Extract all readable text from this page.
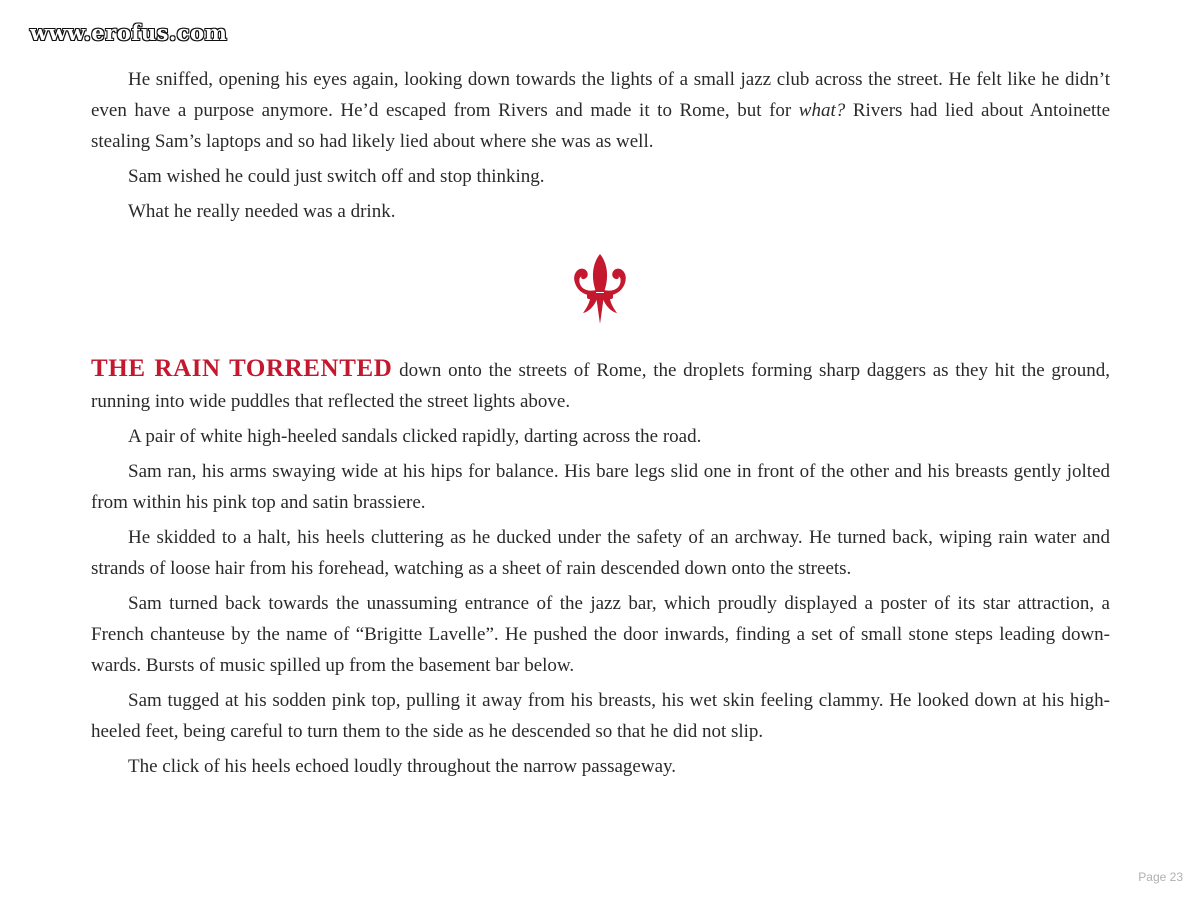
www.erofus.com

He sniffed, opening his eyes again, looking down towards the lights of a small jazz club across the street. He felt like he didn’t even have a purpose anymore. He’d escaped from Rivers and made it to Rome, but for what? Rivers had lied about Antoinette stealing Sam’s laptops and so had likely lied about where she was as well.

Sam wished he could just switch off and stop thinking.

What he really needed was a drink.

THE RAIN TORRENTED down onto the streets of Rome, the droplets forming sharp daggers as they hit the ground, running into wide puddles that reflected the street lights above.

A pair of white high-heeled sandals clicked rapidly, darting across the road.

Sam ran, his arms swaying wide at his hips for balance. His bare legs slid one in front of the other and his breasts gently jolted from within his pink top and satin brassiere.

He skidded to a halt, his heels cluttering as he ducked under the safety of an archway. He turned back, wiping rain water and strands of loose hair from his forehead, watching as a sheet of rain descended down onto the streets.

Sam turned back towards the unassuming entrance of the jazz bar, which proudly displayed a poster of its star attraction, a French chanteuse by the name of “Brigitte Lavelle”. He pushed the door inwards, finding a set of small stone steps leading downwards. Bursts of music spilled up from the basement bar below.

Sam tugged at his sodden pink top, pulling it away from his breasts, his wet skin feeling clammy. He looked down at his high-heeled feet, being careful to turn them to the side as he descended so that he did not slip.

The click of his heels echoed loudly throughout the narrow passageway.

Page 23
